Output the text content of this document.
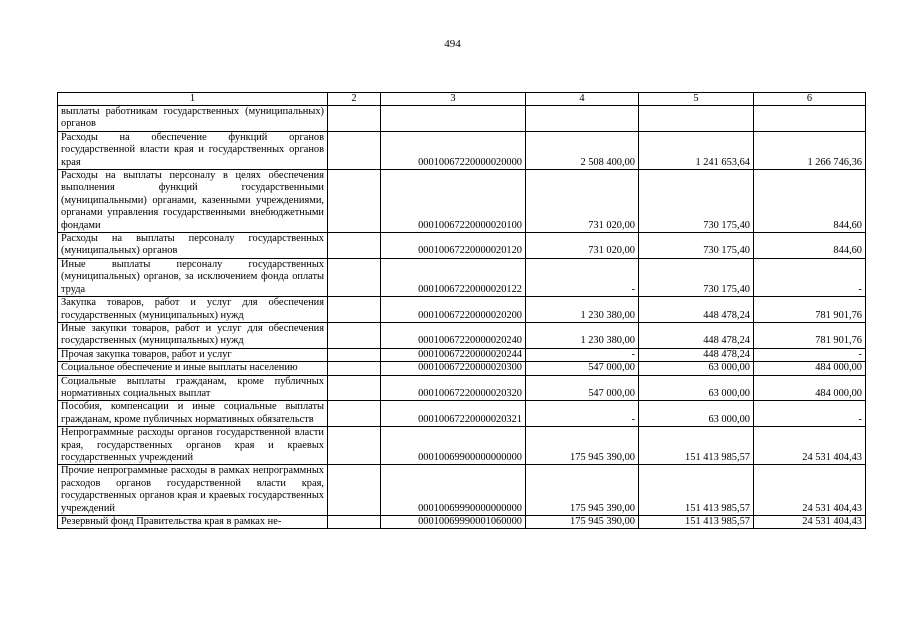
494
1	2	3	4	5	6
выплаты работникам государственных (муниципальных) органов					
Расходы на обеспечение функций органов государственной власти края и государственных органов края		00010067220000020000	2 508 400,00	1 241 653,64	1 266 746,36
Расходы на выплаты персоналу в целях обеспечения выполнения функций государственными (муниципальными) органами, казенными учреждениями, органами управления государственными внебюджетными фондами		00010067220000020100	731 020,00	730 175,40	844,60
Расходы на выплаты персоналу государственных (муниципальных) органов		00010067220000020120	731 020,00	730 175,40	844,60
Иные выплаты персоналу государственных (муниципальных) органов, за исключением фонда оплаты труда		00010067220000020122	-	730 175,40	-
Закупка товаров, работ и услуг для обеспечения государственных (муниципальных) нужд		00010067220000020200	1 230 380,00	448 478,24	781 901,76
Иные закупки товаров, работ и услуг для обеспечения государственных (муниципальных) нужд		00010067220000020240	1 230 380,00	448 478,24	781 901,76
Прочая закупка товаров, работ и услуг		00010067220000020244	-	448 478,24	-
Социальное обеспечение и иные выплаты населению		00010067220000020300	547 000,00	63 000,00	484 000,00
Социальные выплаты гражданам, кроме публичных нормативных социальных выплат		00010067220000020320	547 000,00	63 000,00	484 000,00
Пособия, компенсации и иные социальные выплаты гражданам, кроме публичных нормативных обязательств		00010067220000020321	-	63 000,00	-
Непрограммные расходы органов государственной власти края, государственных органов края и краевых государственных учреждений		00010069900000000000	175 945 390,00	151 413 985,57	24 531 404,43
Прочие непрограммные расходы в рамках непрограммных расходов органов государственной власти края, государственных органов края и краевых государственных учреждений		00010069990000000000	175 945 390,00	151 413 985,57	24 531 404,43
Резервный фонд Правительства края в рамках не-		00010069990001060000	175 945 390,00	151 413 985,57	24 531 404,43
